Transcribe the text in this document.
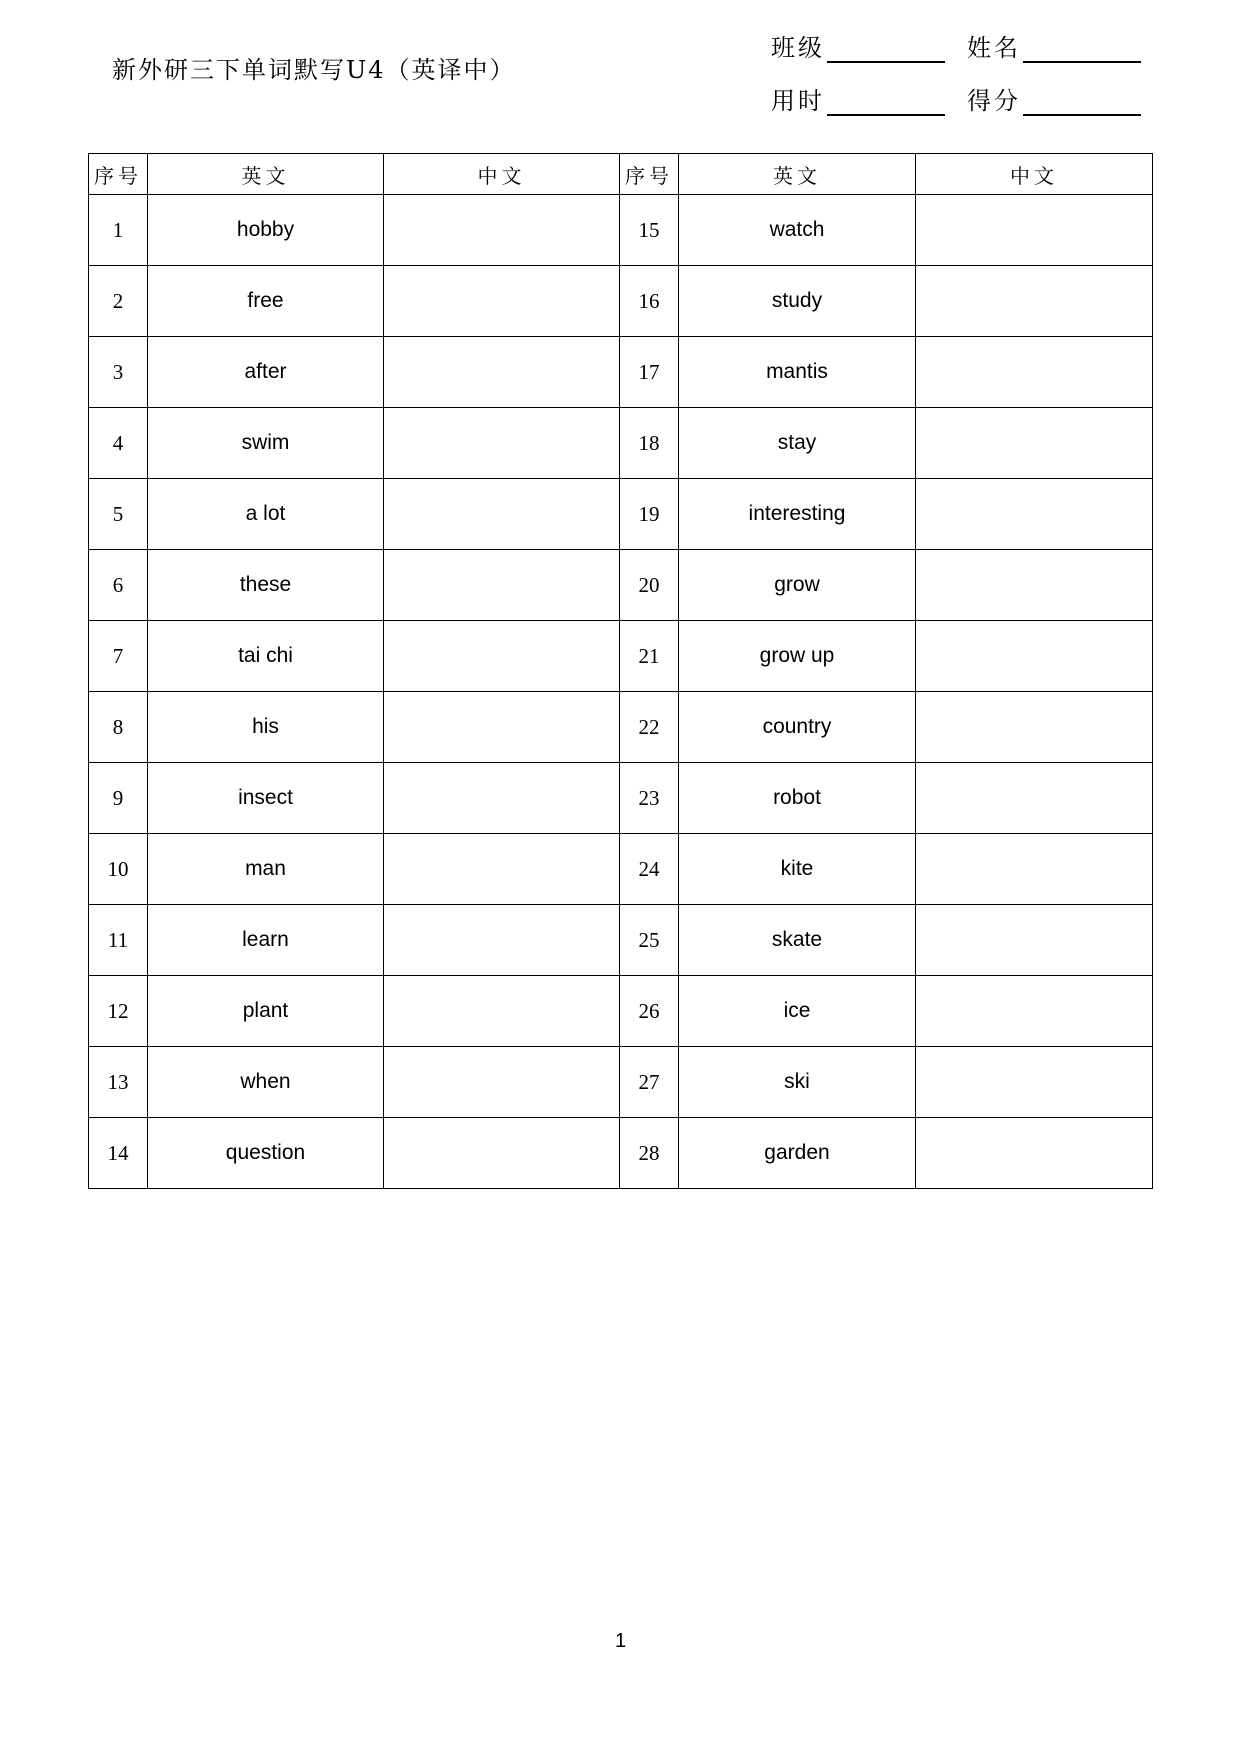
新外研三下单词默写U4（英译中）
班级	姓名
用时	得分
序号	英文	中文	序号	英文	中文
1	hobby		15	watch	
2	free		16	study	
3	after		17	mantis	
4	swim		18	stay	
5	a lot		19	interesting	
6	these		20	grow	
7	tai chi		21	grow up	
8	his		22	country	
9	insect		23	robot	
10	man		24	kite	
11	learn		25	skate	
12	plant		26	ice	
13	when		27	ski	
14	question		28	garden	
1
